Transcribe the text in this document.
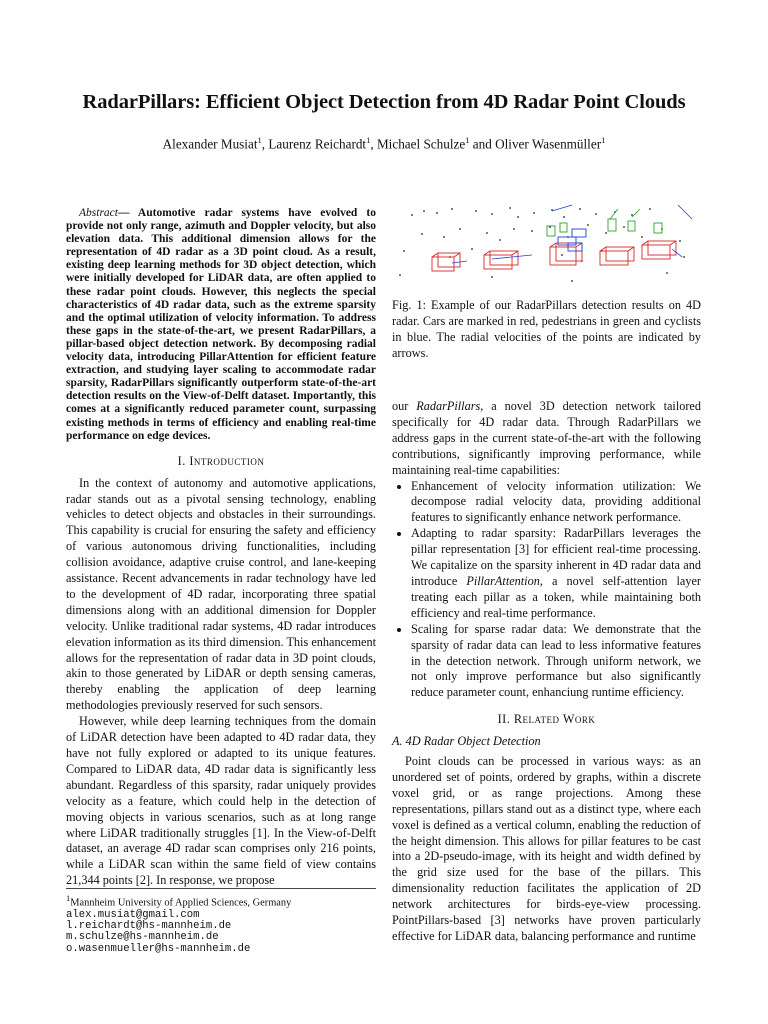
RadarPillars: Efficient Object Detection from 4D Radar Point Clouds
Alexander Musiat$^1$, Laurenz Reichardt$^1$, Michael Schulze$^1$ and Oliver Wasenmüller$^1$

Abstract— Automotive radar systems have evolved to provide not only range, azimuth and Doppler velocity, but also elevation data. This additional dimension allows for the representation of 4D radar as a 3D point cloud. As a result, existing deep learning methods for 3D object detection, which were initially developed for LiDAR data, are often applied to these radar point clouds. However, this neglects the special characteristics of 4D radar data, such as the extreme sparsity and the optimal utilization of velocity information. To address these gaps in the state-of-the-art, we present RadarPillars, a pillar-based object detection network. By decomposing radial velocity data, introducing PillarAttention for efficient feature extraction, and studying layer scaling to accommodate radar sparsity, RadarPillars significantly outperform state-of-the-art detection results on the View-of-Delft dataset. Importantly, this comes at a significantly reduced parameter count, surpassing existing methods in terms of efficiency and enabling real-time performance on edge devices.

I. Introduction

In the context of autonomy and automotive applications, radar stands out as a pivotal sensing technology, enabling vehicles to detect objects and obstacles in their surroundings. This capability is crucial for ensuring the safety and efficiency of various autonomous driving functionalities, including collision avoidance, adaptive cruise control, and lane-keeping assistance. Recent advancements in radar technology have led to the development of 4D radar, incorporating three spatial dimensions along with an additional dimension for Doppler velocity. Unlike traditional radar systems, 4D radar introduces elevation information as its third dimension. This enhancement allows for the representation of radar data in 3D point clouds, akin to those generated by LiDAR or depth sensing cameras, thereby enabling the application of deep learning methodologies previously reserved for such sensors.

However, while deep learning techniques from the domain of LiDAR detection have been adapted to 4D radar data, they have not fully explored or adapted to its unique features. Compared to LiDAR data, 4D radar data is significantly less abundant. Regardless of this sparsity, radar uniquely provides velocity as a feature, which could help in the detection of moving objects in various scenarios, such as at long range where LiDAR traditionally struggles [1]. In the View-of-Delft dataset, an average 4D radar scan comprises only 216 points, while a LiDAR scan within the same field of view contains 21,344 points [2]. In response, we propose

$^1$Mannheim University of Applied Sciences, Germany
alex.musiat@gmail.com
l.reichardt@hs-mannheim.de
m.schulze@hs-mannheim.de
o.wasenmueller@hs-mannheim.de

Fig. 1: Example of our RadarPillars detection results on 4D radar. Cars are marked in red, pedestrians in green and cyclists in blue. The radial velocities of the points are indicated by arrows.

our RadarPillars, a novel 3D detection network tailored specifically for 4D radar data. Through RadarPillars we address gaps in the current state-of-the-art with the following contributions, significantly improving performance, while maintaining real-time capabilities:

• Enhancement of velocity information utilization: We decompose radial velocity data, providing additional features to significantly enhance network performance.
• Adapting to radar sparsity: RadarPillars leverages the pillar representation [3] for efficient real-time processing. We capitalize on the sparsity inherent in 4D radar data and introduce PillarAttention, a novel self-attention layer treating each pillar as a token, while maintaining both efficiency and real-time performance.
• Scaling for sparse radar data: We demonstrate that the sparsity of radar data can lead to less informative features in the detection network. Through uniform network, we not only improve performance but also significantly reduce parameter count, enhanciung runtime efficiency.
II. Related Work
A. 4D Radar Object Detection

Point clouds can be processed in various ways: as an unordered set of points, ordered by graphs, within a discrete voxel grid, or as range projections. Among these representations, pillars stand out as a distinct type, where each voxel is defined as a vertical column, enabling the reduction of the height dimension. This allows for pillar features to be cast into a 2D-pseudo-image, with its height and width defined by the grid size used for the base of the pillars. This dimensionality reduction facilitates the application of 2D network architectures for birds-eye-view processing. PointPillars-based [3] networks have proven particularly effective for LiDAR data, balancing performance and runtime
